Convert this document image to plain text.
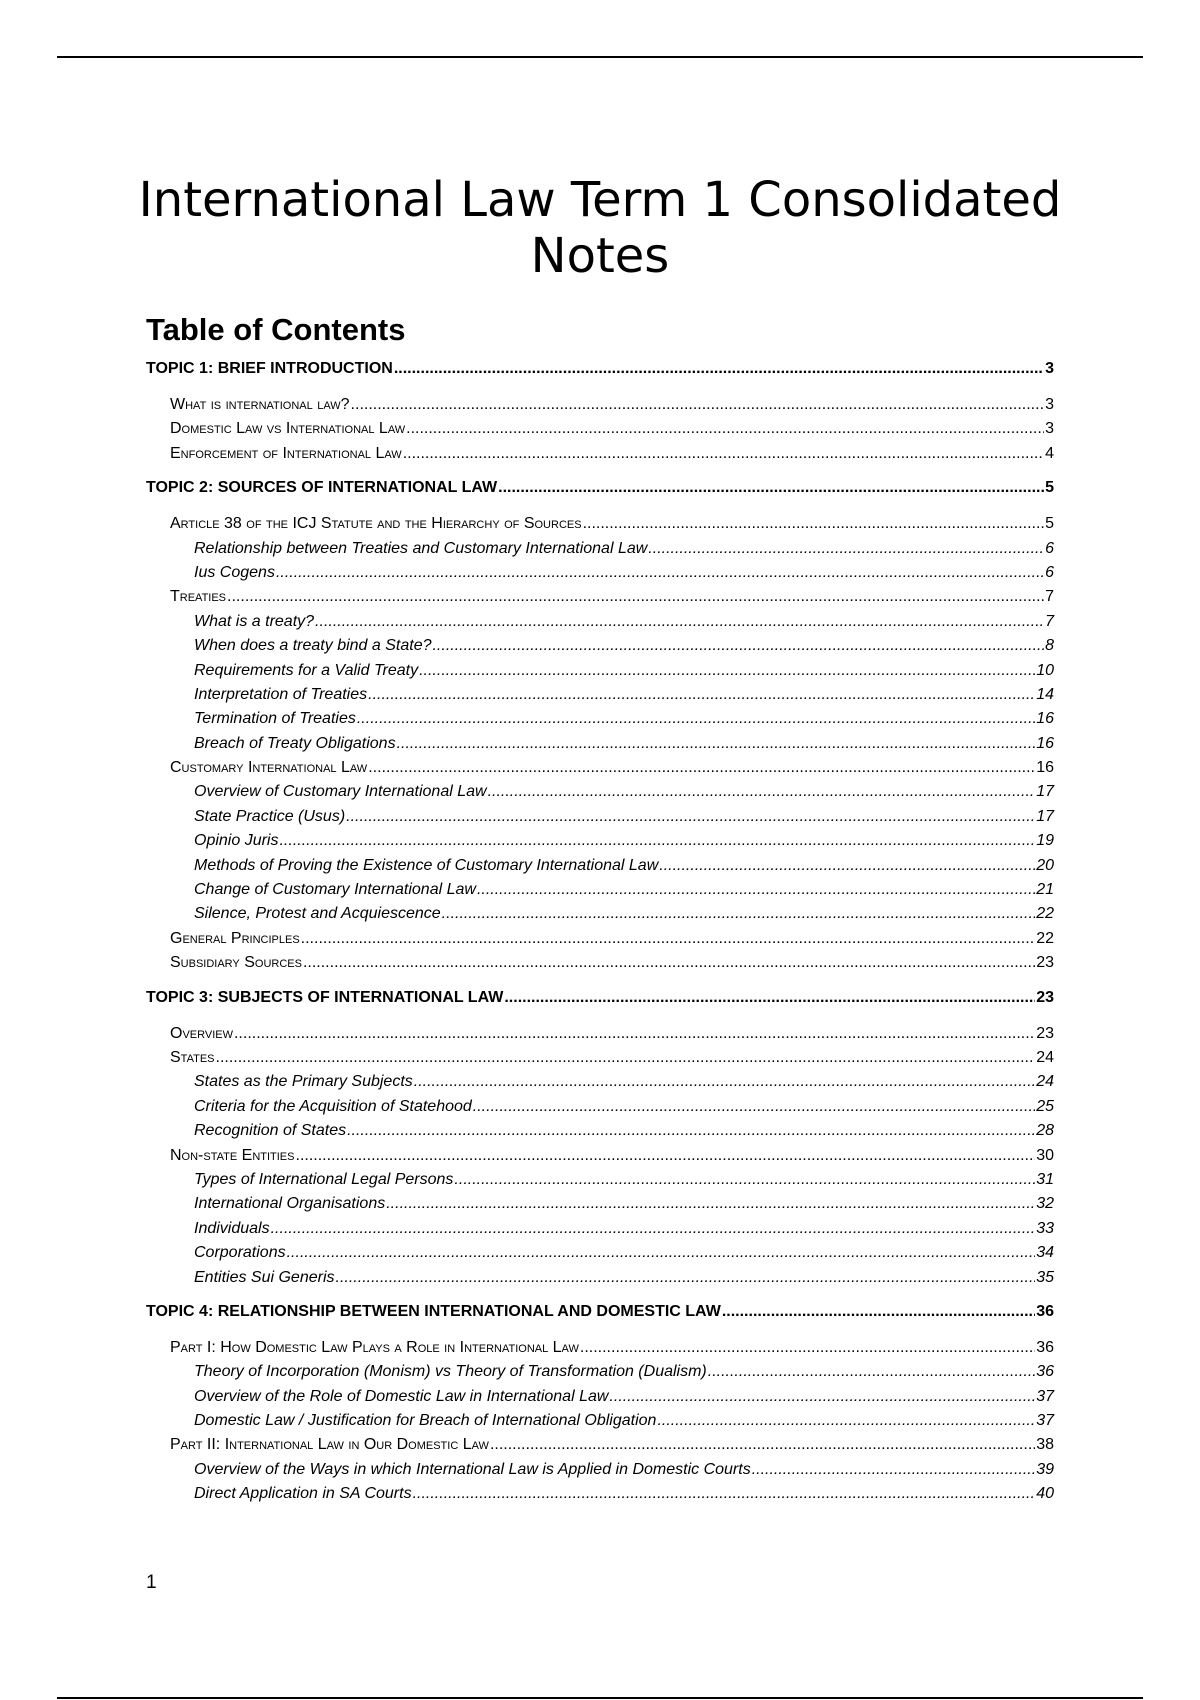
International Law Term 1 Consolidated Notes
Table of Contents
TOPIC 1: BRIEF INTRODUCTION .....	3
What is international law? .....	3
Domestic Law vs International Law .....	3
Enforcement of International Law .....	4
TOPIC 2: SOURCES OF INTERNATIONAL LAW .....	5
Article 38 of the ICJ Statute and the Hierarchy of Sources .....	5
Relationship between Treaties and Customary International Law .....	6
Ius Cogens .....	6
Treaties .....	7
What is a treaty? .....	7
When does a treaty bind a State? .....	8
Requirements for a Valid Treaty .....	10
Interpretation of Treaties .....	14
Termination of Treaties .....	16
Breach of Treaty Obligations .....	16
Customary International Law .....	16
Overview of Customary International Law .....	17
State Practice (Usus) .....	17
Opinio Juris .....	19
Methods of Proving the Existence of Customary International Law .....	20
Change of Customary International Law .....	21
Silence, Protest and Acquiescence .....	22
General Principles .....	22
Subsidiary Sources .....	23
TOPIC 3: SUBJECTS OF INTERNATIONAL LAW .....	23
Overview .....	23
States .....	24
States as the Primary Subjects .....	24
Criteria for the Acquisition of Statehood .....	25
Recognition of States .....	28
Non-state Entities .....	30
Types of International Legal Persons .....	31
International Organisations .....	32
Individuals .....	33
Corporations .....	34
Entities Sui Generis .....	35
TOPIC 4: RELATIONSHIP BETWEEN INTERNATIONAL AND DOMESTIC LAW .....	36
Part I: How Domestic Law Plays a Role in International Law .....	36
Theory of Incorporation (Monism) vs Theory of Transformation (Dualism) .....	36
Overview of the Role of Domestic Law in International Law .....	37
Domestic Law / Justification for Breach of International Obligation .....	37
Part II: International Law in Our Domestic Law .....	38
Overview of the Ways in which International Law is Applied in Domestic Courts .....	39
Direct Application in SA Courts .....	40
1
